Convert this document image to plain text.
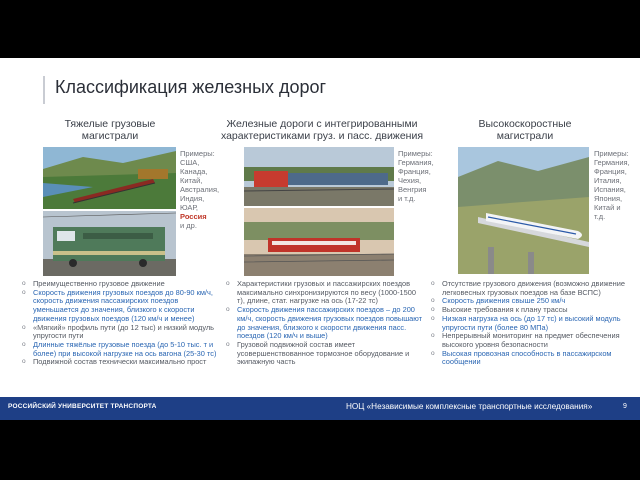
Классификация железных дорог
Тяжелые грузовые
магистрали
Железные дороги с интегрированными
характеристиками груз. и пасс. движения
Высокоскоростные
магистрали
Примеры:
США,
Канада,
Китай,
Австралия,
Индия,
ЮАР,
Россия
и др.
Примеры:
Германия,
Франция,
Чехия,
Венгрия
и т.д.
Примеры:
Германия,
Франция,
Италия,
Испания,
Япония,
Китай и
т.д.
o Преимущественно грузовое движение
o Скорость движения грузовых поездов до 80-90 км/ч, скорость движения пассажирских поездов уменьшается до значения, близкого к скорости движения грузовых поездов (120 км/ч и менее)
o «Мягкий» профиль пути (до 12 тыс) и низкий модуль упругости пути
o Длинные тяжёлые грузовые поезда (до 5-10 тыс. т и более) при высокой нагрузке на ось вагона (25-30 тс)
o Подвижной состав технически максимально прост
o Характеристики грузовых и пассажирских поездов максимально синхронизируются по весу (1000-1500 т), длине, стат. нагрузке на ось (17-22 тс)
o Скорость движения пассажирских поездов – до 200 км/ч, скорость движения грузовых поездов повышают до значения, близкого к скорости движения пасс. поездов (120 км/ч и выше)
o Грузовой подвижной состав имеет усовершенствованное тормозное оборудование и экипажную часть
o Отсутствие грузового движения (возможно движение легковесных грузовых поездов на базе ВСПС)
o Скорость движения свыше 250 км/ч
o Высокие требования к плану трассы
o Низкая нагрузка на ось (до 17 тс) и высокий модуль упругости пути (более 80 МПа)
o Непрерывный мониторинг на предмет обеспечения высокого уровня безопасности
o Высокая провозная способность в пассажирском сообщении
РОССИЙСКИЙ УНИВЕРСИТЕТ ТРАНСПОРТА	НОЦ «Независимые комплексные транспортные исследования»	9
